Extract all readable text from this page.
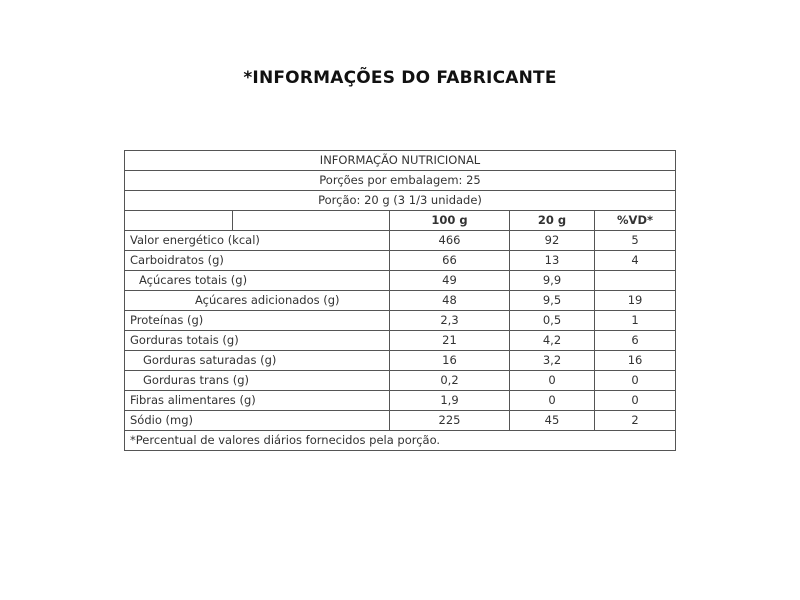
*INFORMAÇÕES DO FABRICANTE
INFORMAÇÃO NUTRICIONAL				
Porções por embalagem: 25				
Porção: 20 g (3 1/3 unidade)				
		100 g	20 g	%VD*
Valor energético (kcal)		466	92	5
Carboidratos (g)		66	13	4
Açúcares totais (g)		49	9,9	
Açúcares adicionados (g)		48	9,5	19
Proteínas (g)		2,3	0,5	1
Gorduras totais (g)		21	4,2	6
Gorduras saturadas (g)		16	3,2	16
Gorduras trans (g)		0,2	0	0
Fibras alimentares (g)		1,9	0	0
Sódio (mg)		225	45	2
*Percentual de valores diários fornecidos pela porção.				
